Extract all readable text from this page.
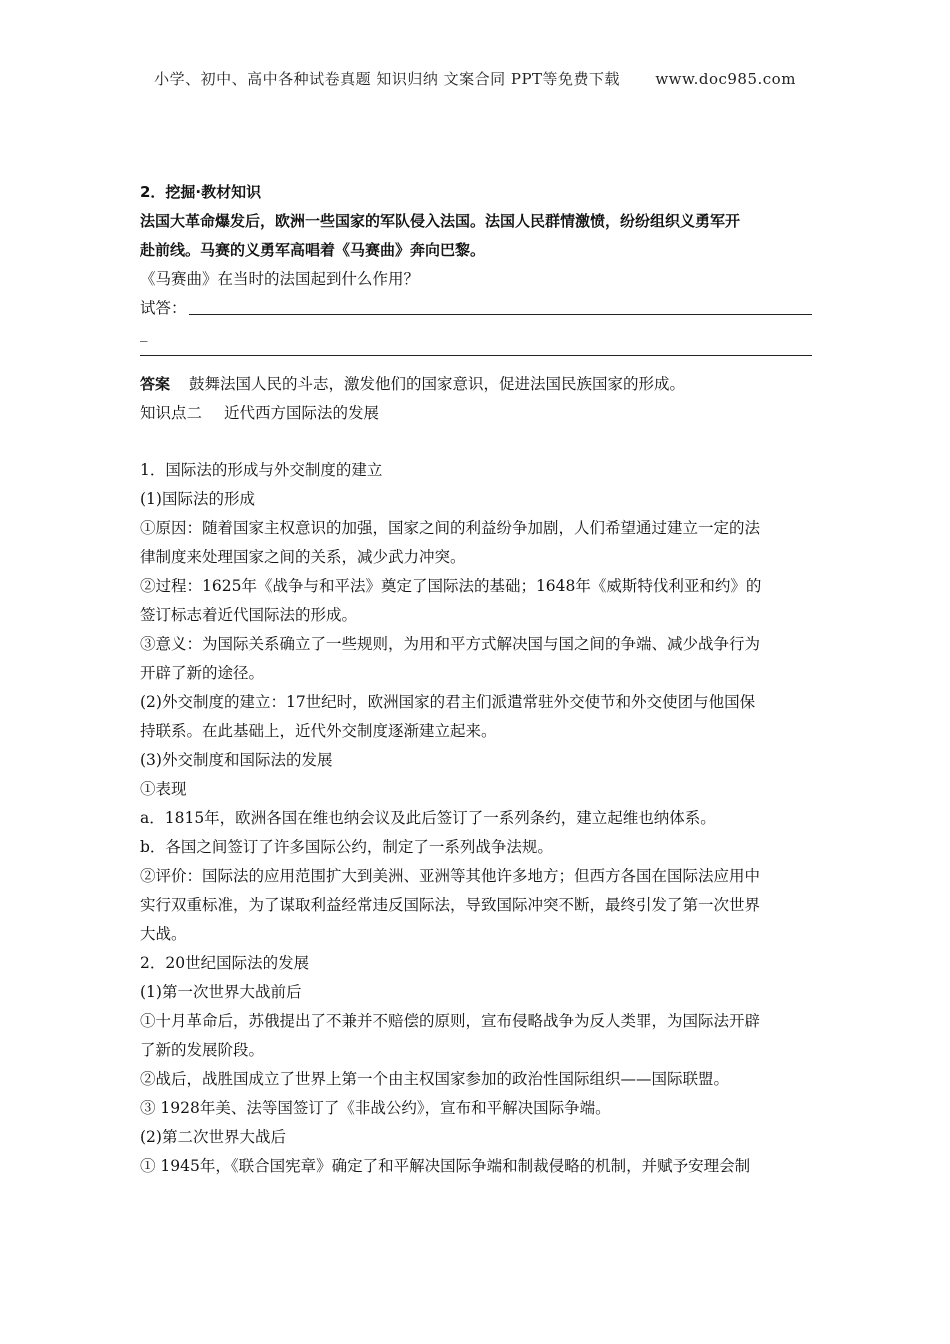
小学、初中、高中各种试卷真题 知识归纳 文案合同 PPT等免费下载 www.doc985.com
2．挖掘·教材知识
法国大革命爆发后，欧洲一些国家的军队侵入法国。法国人民群情激愤，纷纷组织义勇军开
赴前线。马赛的义勇军高唱着《马赛曲》奔向巴黎。
《马赛曲》在当时的法国起到什么作用？
试答：
_
答案 鼓舞法国人民的斗志，激发他们的国家意识，促进法国民族国家的形成。
知识点二 近代西方国际法的发展
1．国际法的形成与外交制度的建立
(1)国际法的形成
①原因：随着国家主权意识的加强，国家之间的利益纷争加剧，人们希望通过建立一定的法
律制度来处理国家之间的关系，减少武力冲突。
②过程：1625年《战争与和平法》奠定了国际法的基础；1648年《威斯特伐利亚和约》的
签订标志着近代国际法的形成。
③意义：为国际关系确立了一些规则，为用和平方式解决国与国之间的争端、减少战争行为
开辟了新的途径。
(2)外交制度的建立：17世纪时，欧洲国家的君主们派遣常驻外交使节和外交使团与他国保
持联系。在此基础上，近代外交制度逐渐建立起来。
(3)外交制度和国际法的发展
①表现
a．1815年，欧洲各国在维也纳会议及此后签订了一系列条约，建立起维也纳体系。
b．各国之间签订了许多国际公约，制定了一系列战争法规。
②评价：国际法的应用范围扩大到美洲、亚洲等其他许多地方；但西方各国在国际法应用中
实行双重标准，为了谋取利益经常违反国际法，导致国际冲突不断，最终引发了第一次世界
大战。
2．20世纪国际法的发展
(1)第一次世界大战前后
①十月革命后，苏俄提出了不兼并不赔偿的原则，宣布侵略战争为反人类罪，为国际法开辟
了新的发展阶段。
②战后，战胜国成立了世界上第一个由主权国家参加的政治性国际组织——国际联盟。
③ 1928年美、法等国签订了《非战公约》，宣布和平解决国际争端。
(2)第二次世界大战后
① 1945年，《联合国宪章》确定了和平解决国际争端和制裁侵略的机制，并赋予安理会制
